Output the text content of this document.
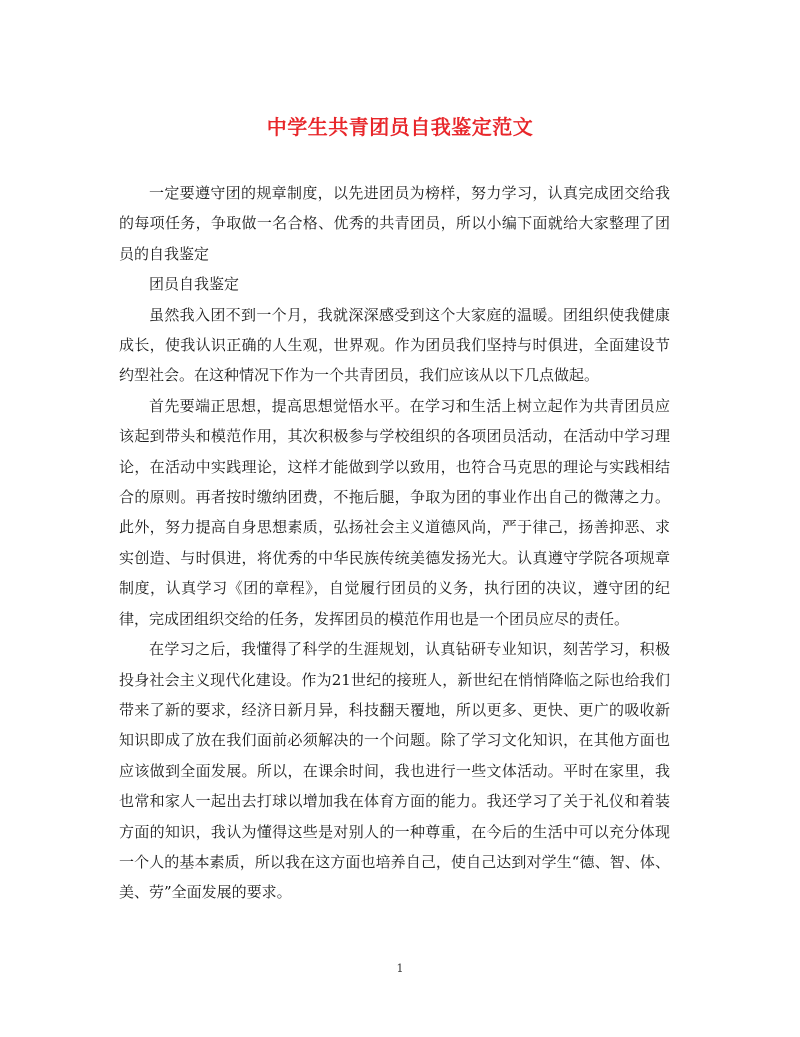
中学生共青团员自我鉴定范文

一定要遵守团的规章制度，以先进团员为榜样，努力学习，认真完成团交给我的每项任务，争取做一名合格、优秀的共青团员，所以小编下面就给大家整理了团员的自我鉴定

团员自我鉴定

虽然我入团不到一个月，我就深深感受到这个大家庭的温暖。团组织使我健康成长，使我认识正确的人生观，世界观。作为团员我们坚持与时俱进，全面建设节约型社会。在这种情况下作为一个共青团员，我们应该从以下几点做起。

首先要端正思想，提高思想觉悟水平。在学习和生活上树立起作为共青团员应该起到带头和模范作用，其次积极参与学校组织的各项团员活动，在活动中学习理论，在活动中实践理论，这样才能做到学以致用，也符合马克思的理论与实践相结合的原则。再者按时缴纳团费，不拖后腿，争取为团的事业作出自己的微薄之力。此外，努力提高自身思想素质，弘扬社会主义道德风尚，严于律己，扬善抑恶、求实创造、与时俱进，将优秀的中华民族传统美德发扬光大。认真遵守学院各项规章制度，认真学习《团的章程》，自觉履行团员的义务，执行团的决议，遵守团的纪律，完成团组织交给的任务，发挥团员的模范作用也是一个团员应尽的责任。

在学习之后，我懂得了科学的生涯规划，认真钻研专业知识，刻苦学习，积极投身社会主义现代化建设。作为21世纪的接班人，新世纪在悄悄降临之际也给我们带来了新的要求，经济日新月异，科技翻天覆地，所以更多、更快、更广的吸收新知识即成了放在我们面前必须解决的一个问题。除了学习文化知识，在其他方面也应该做到全面发展。所以，在课余时间，我也进行一些文体活动。平时在家里，我也常和家人一起出去打球以增加我在体育方面的能力。我还学习了关于礼仪和着装方面的知识，我认为懂得这些是对别人的一种尊重，在今后的生活中可以充分体现一个人的基本素质，所以我在这方面也培养自己，使自己达到对学生“德、智、体、美、劳”全面发展的要求。

1
